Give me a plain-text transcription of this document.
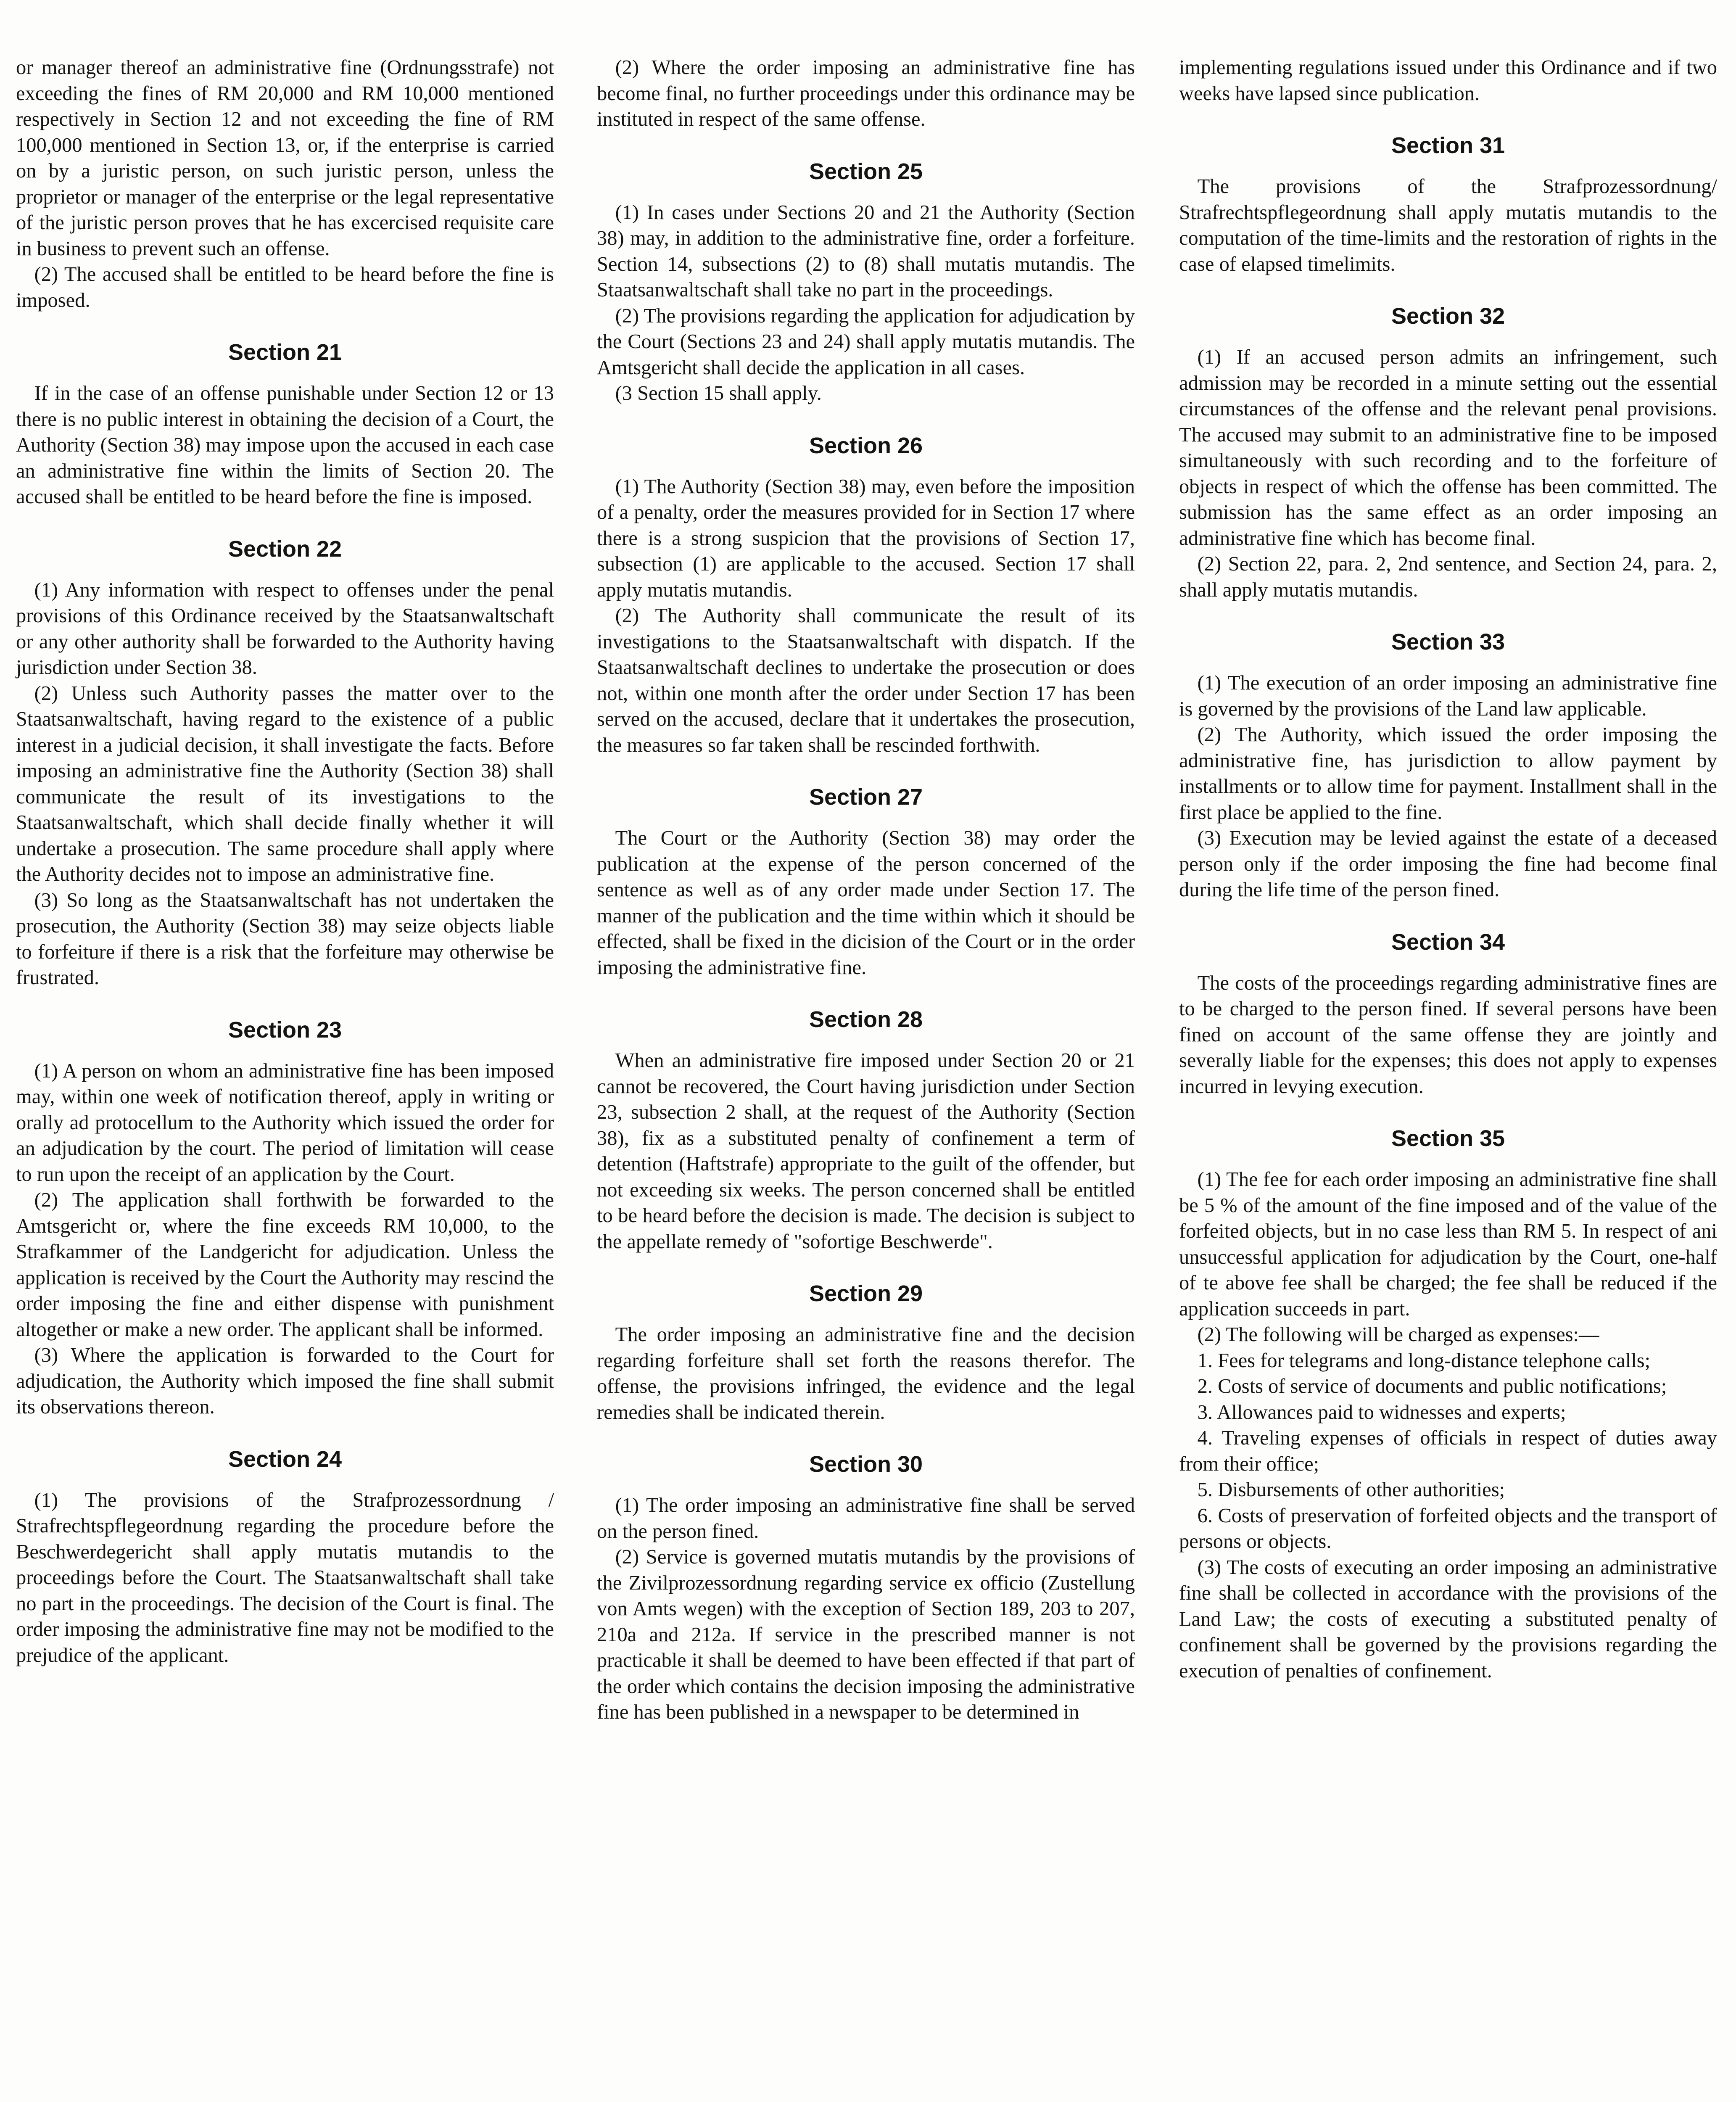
or manager thereof an administrative fine (Ordnungsstrafe) not exceeding the fines of RM 20,000 and RM 10,000 mentioned respectively in Section 12 and not exceeding the fine of RM 100,000 mentioned in Section 13, or, if the enterprise is carried on by a juristic person, on such juristic person, unless the proprietor or manager of the enterprise or the legal representative of the juristic person proves that he has excercised requisite care in business to prevent such an offense.

(2) The accused shall be entitled to be heard before the fine is imposed.

Section 21

If in the case of an offense punishable under Section 12 or 13 there is no public interest in obtaining the decision of a Court, the Authority (Section 38) may impose upon the accused in each case an administrative fine within the limits of Section 20. The accused shall be entitled to be heard before the fine is imposed.

Section 22

(1) Any information with respect to offenses under the penal provisions of this Ordinance received by the Staatsanwaltschaft or any other authority shall be forwarded to the Authority having jurisdiction under Section 38.

(2) Unless such Authority passes the matter over to the Staatsanwaltschaft, having regard to the existence of a public interest in a judicial decision, it shall investigate the facts. Before imposing an administrative fine the Authority (Section 38) shall communicate the result of its investigations to the Staatsanwaltschaft, which shall decide finally whether it will undertake a prosecution. The same procedure shall apply where the Authority decides not to impose an administrative fine.

(3) So long as the Staatsanwaltschaft has not undertaken the prosecution, the Authority (Section 38) may seize objects liable to forfeiture if there is a risk that the forfeiture may otherwise be frustrated.

Section 23

(1) A person on whom an administrative fine has been imposed may, within one week of notification thereof, apply in writing or orally ad protocellum to the Authority which issued the order for an adjudication by the court. The period of limitation will cease to run upon the receipt of an application by the Court.

(2) The application shall forthwith be forwarded to the Amtsgericht or, where the fine exceeds RM 10,000, to the Strafkammer of the Landgericht for adjudication. Unless the application is received by the Court the Authority may rescind the order imposing the fine and either dispense with punishment altogether or make a new order. The applicant shall be informed.

(3) Where the application is forwarded to the Court for adjudication, the Authority which imposed the fine shall submit its observations thereon.

Section 24

(1) The provisions of the Strafprozessordnung / Strafrechtspflegeordnung regarding the procedure before the Beschwerdegericht shall apply mutatis mutandis to the proceedings before the Court. The Staatsanwaltschaft shall take no part in the proceedings. The decision of the Court is final. The order imposing the administrative fine may not be modified to the prejudice of the applicant.

(2) Where the order imposing an administrative fine has become final, no further proceedings under this ordinance may be instituted in respect of the same offense.

Section 25

(1) In cases under Sections 20 and 21 the Authority (Section 38) may, in addition to the administrative fine, order a forfeiture. Section 14, subsections (2) to (8) shall mutatis mutandis. The Staatsanwaltschaft shall take no part in the proceedings.

(2) The provisions regarding the application for adjudication by the Court (Sections 23 and 24) shall apply mutatis mutandis. The Amtsgericht shall decide the application in all cases.

(3 Section 15 shall apply.

Section 26

(1) The Authority (Section 38) may, even before the imposition of a penalty, order the measures provided for in Section 17 where there is a strong suspicion that the provisions of Section 17, subsection (1) are applicable to the accused. Section 17 shall apply mutatis mutandis.

(2) The Authority shall communicate the result of its investigations to the Staatsanwaltschaft with dispatch. If the Staatsanwaltschaft declines to undertake the prosecution or does not, within one month after the order under Section 17 has been served on the accused, declare that it undertakes the prosecution, the measures so far taken shall be rescinded forthwith.

Section 27

The Court or the Authority (Section 38) may order the publication at the expense of the person concerned of the sentence as well as of any order made under Section 17. The manner of the publication and the time within which it should be effected, shall be fixed in the dicision of the Court or in the order imposing the administrative fine.

Section 28

When an administrative fire imposed under Section 20 or 21 cannot be recovered, the Court having jurisdiction under Section 23, subsection 2 shall, at the request of the Authority (Section 38), fix as a substituted penalty of confinement a term of detention (Haftstrafe) appropriate to the guilt of the offender, but not exceeding six weeks. The person concerned shall be entitled to be heard before the decision is made. The decision is subject to the appellate remedy of "sofortige Beschwerde".

Section 29

The order imposing an administrative fine and the decision regarding forfeiture shall set forth the reasons therefor. The offense, the provisions infringed, the evidence and the legal remedies shall be indicated therein.

Section 30

(1) The order imposing an administrative fine shall be served on the person fined.

(2) Service is governed mutatis mutandis by the provisions of the Zivilprozessordnung regarding service ex officio (Zustellung von Amts wegen) with the exception of Section 189, 203 to 207, 210a and 212a. If service in the prescribed manner is not practicable it shall be deemed to have been effected if that part of the order which contains the decision imposing the administrative fine has been published in a newspaper to be determined in

implementing regulations issued under this Ordinance and if two weeks have lapsed since publication.

Section 31

The provisions of the Strafprozessordnung/ Strafrechtspflegeordnung shall apply mutatis mutandis to the computation of the time-limits and the restoration of rights in the case of elapsed timelimits.

Section 32

(1) If an accused person admits an infringement, such admission may be recorded in a minute setting out the essential circumstances of the offense and the relevant penal provisions. The accused may submit to an administrative fine to be imposed simultaneously with such recording and to the forfeiture of objects in respect of which the offense has been committed. The submission has the same effect as an order imposing an administrative fine which has become final.

(2) Section 22, para. 2, 2nd sentence, and Section 24, para. 2, shall apply mutatis mutandis.

Section 33

(1) The execution of an order imposing an administrative fine is governed by the provisions of the Land law applicable.

(2) The Authority, which issued the order imposing the administrative fine, has jurisdiction to allow payment by installments or to allow time for payment. Installment shall in the first place be applied to the fine.

(3) Execution may be levied against the estate of a deceased person only if the order imposing the fine had become final during the life time of the person fined.

Section 34

The costs of the proceedings regarding administrative fines are to be charged to the person fined. If several persons have been fined on account of the same offense they are jointly and severally liable for the expenses; this does not apply to expenses incurred in levying execution.

Section 35

(1) The fee for each order imposing an administrative fine shall be 5 % of the amount of the fine imposed and of the value of the forfeited objects, but in no case less than RM 5. In respect of ani unsuccessful application for adjudication by the Court, one-half of te above fee shall be charged; the fee shall be reduced if the application succeeds in part.

(2) The following will be charged as expenses:—

1. Fees for telegrams and long-distance telephone calls;

2. Costs of service of documents and public notifications;

3. Allowances paid to widnesses and experts;

4. Traveling expenses of officials in respect of duties away from their office;

5. Disbursements of other authorities;

6. Costs of preservation of forfeited objects and the transport of persons or objects.

(3) The costs of executing an order imposing an administrative fine shall be collected in accordance with the provisions of the Land Law; the costs of executing a substituted penalty of confinement shall be governed by the provisions regarding the execution of penalties of confinement.
